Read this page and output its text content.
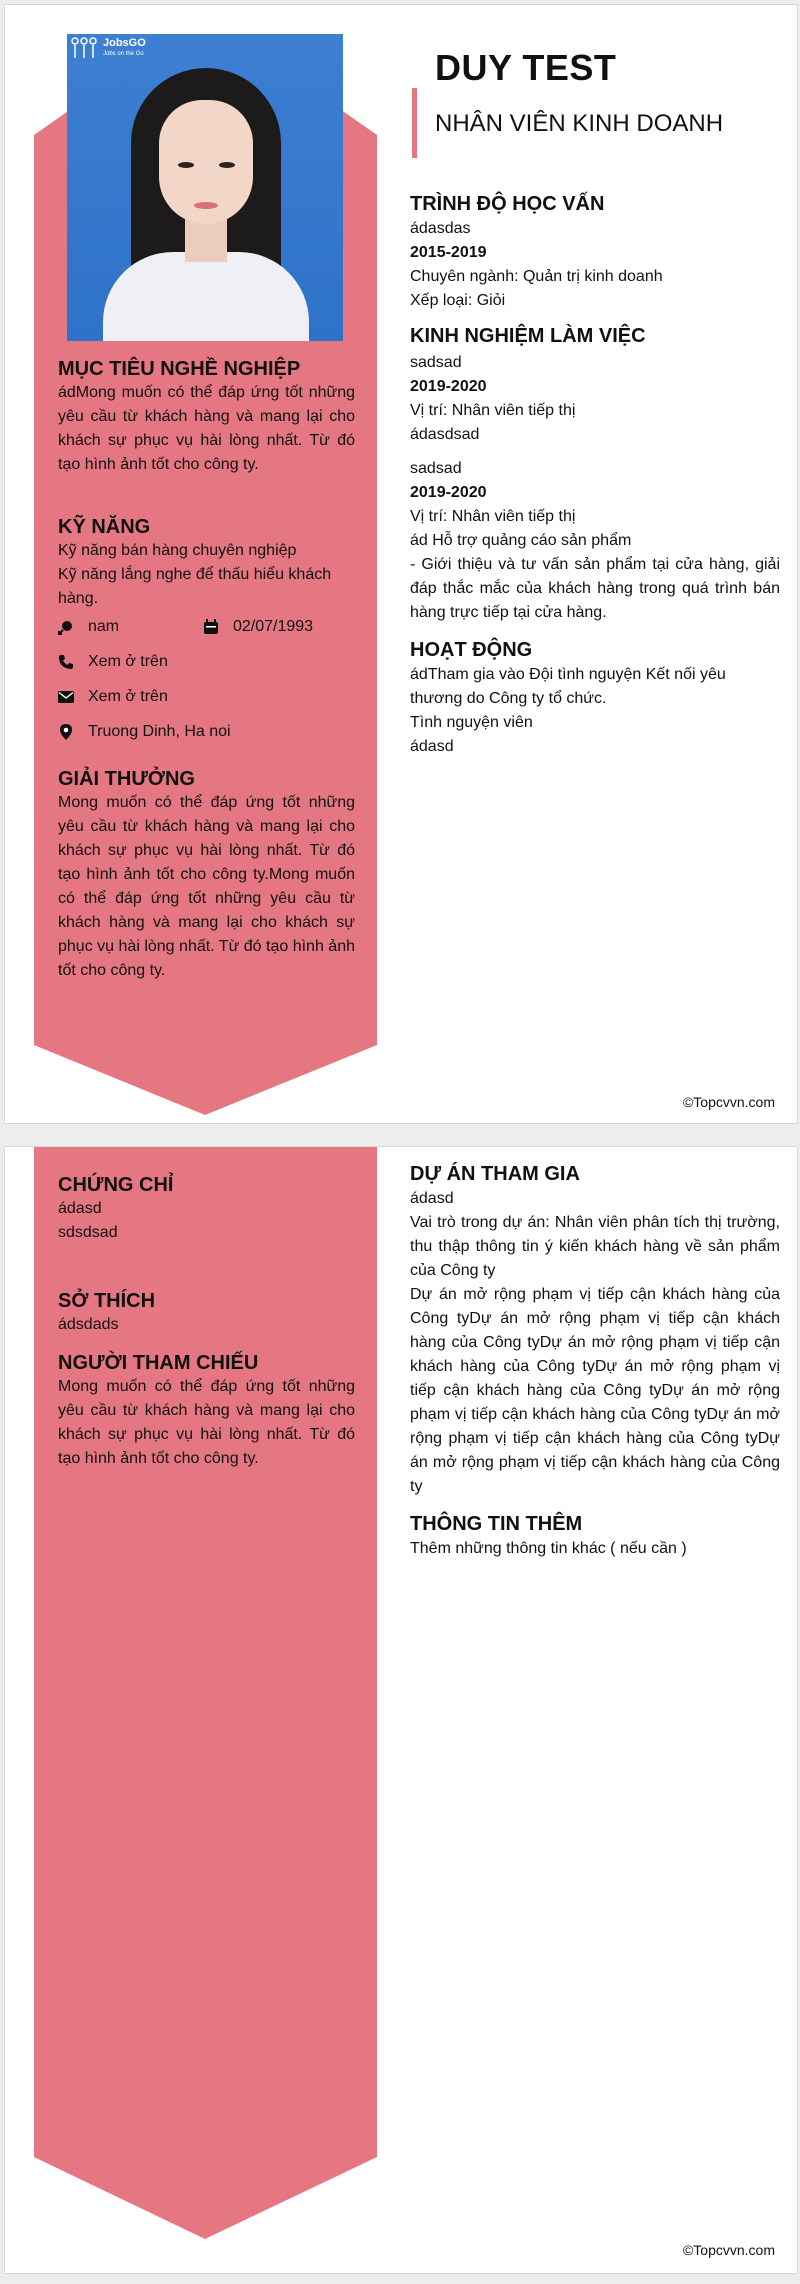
JobsGO
Jobs on the Go	DUY TEST
NHÂN VIÊN KINH DOANH
MỤC TIÊU NGHỀ NGHIỆP
ádMong muốn có thể đáp ứng tốt những yêu cầu từ khách hàng và mang lại cho khách sự phục vụ hài lòng nhất. Từ đó tạo hình ảnh tốt cho công ty.
KỸ NĂNG
Kỹ năng bán hàng chuyên nghiệp
Kỹ năng lắng nghe để thấu hiểu khách hàng.
nam	02/07/1993
Xem ở trên
Xem ở trên
Truong Dinh, Ha noi
GIẢI THƯỞNG
Mong muốn có thể đáp ứng tốt những yêu cầu từ khách hàng và mang lại cho khách sự phục vụ hài lòng nhất. Từ đó tạo hình ảnh tốt cho công ty.Mong muốn có thể đáp ứng tốt những yêu cầu từ khách hàng và mang lại cho khách sự phục vụ hài lòng nhất. Từ đó tạo hình ảnh tốt cho công ty.
TRÌNH ĐỘ HỌC VẤN
ádasdas
2015-2019
Chuyên ngành: Quản trị kinh doanh
Xếp loại: Giỏi
KINH NGHIỆM LÀM VIỆC
sadsad
2019-2020
Vị trí: Nhân viên tiếp thị
ádasdsad
sadsad
2019-2020
Vị trí: Nhân viên tiếp thị
ád Hỗ trợ quảng cáo sản phẩm
- Giới thiệu và tư vấn sản phẩm tại cửa hàng, giải đáp thắc mắc của khách hàng trong quá trình bán hàng trực tiếp tại cửa hàng.
HOẠT ĐỘNG
ádTham gia vào Đội tình nguyện Kết nối yêu thương do Công ty tổ chức.
Tình nguyện viên
ádasd
©Topcvvn.com
CHỨNG CHỈ
ádasd
sdsdsad
SỞ THÍCH
ádsdads
NGƯỜI THAM CHIẾU
Mong muốn có thể đáp ứng tốt những yêu cầu từ khách hàng và mang lại cho khách sự phục vụ hài lòng nhất. Từ đó tạo hình ảnh tốt cho công ty.
DỰ ÁN THAM GIA
ádasd
Vai trò trong dự án: Nhân viên phân tích thị trường, thu thập thông tin ý kiến khách hàng về sản phẩm của Công ty
Dự án mở rộng phạm vị tiếp cận khách hàng của Công tyDự án mở rộng phạm vị tiếp cận khách hàng của Công tyDự án mở rộng phạm vị tiếp cận khách hàng của Công tyDự án mở rộng phạm vị tiếp cận khách hàng của Công tyDự án mở rộng phạm vị tiếp cận khách hàng của Công tyDự án mở rộng phạm vị tiếp cận khách hàng của Công tyDự án mở rộng phạm vị tiếp cận khách hàng của Công ty
THÔNG TIN THÊM
Thêm những thông tin khác ( nếu cần )
©Topcvvn.com
